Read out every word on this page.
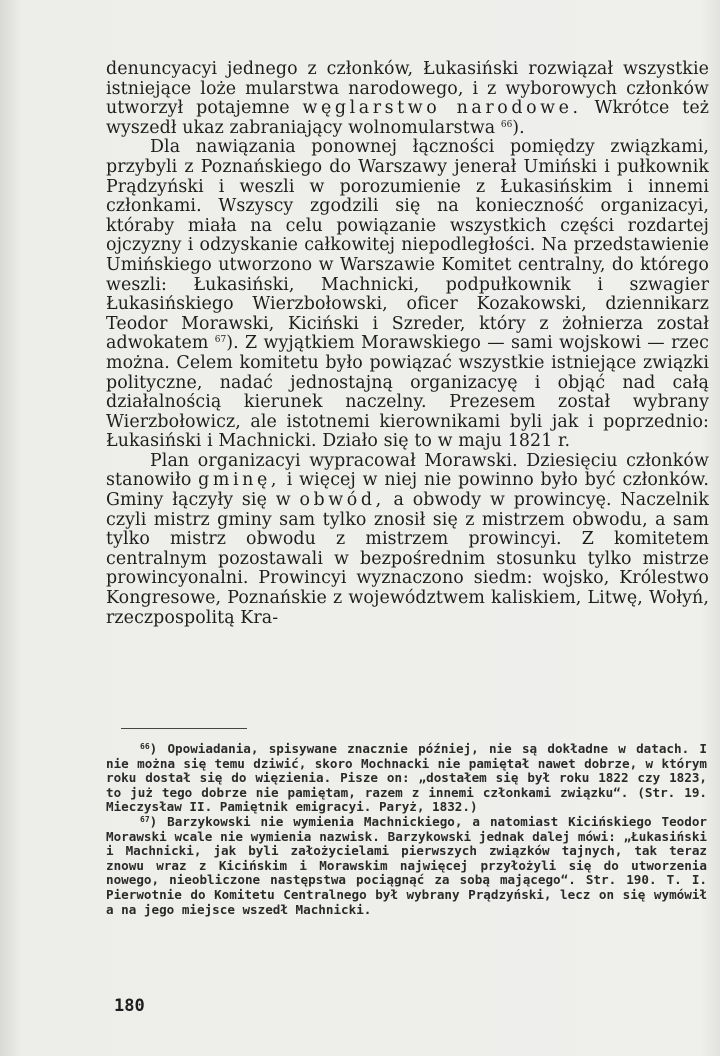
denuncyacyi jednego z członków, Łukasiński rozwiązał wszystkie istniejące loże mularstwa narodowego, i z wyborowych członków utworzył potajemne węglarstwo narodowe. Wkrótce też wyszedł ukaz zabraniający wolnomularstwa $^{66}$).

Dla nawiązania ponownej łączności pomiędzy związkami, przybyli z Poznańskiego do Warszawy jenerał Umiński i pułkownik Prądzyński i weszli w porozumienie z Łukasińskim i innemi członkami. Wszyscy zgodzili się na konieczność organizacyi, któraby miała na celu powiązanie wszystkich części rozdartej ojczyzny i odzyskanie całkowitej niepodległości. Na przedstawienie Umińskiego utworzono w Warszawie Komitet centralny, do którego weszli: Łukasiński, Machnicki, podpułkownik i szwagier Łukasińskiego Wierzbołowski, oficer Kozakowski, dziennikarz Teodor Morawski, Kiciński i Szreder, który z żołnierza został adwokatem $^{67}$). Z wyjątkiem Morawskiego — sami wojskowi — rzec można. Celem komitetu było powiązać wszystkie istniejące związki polityczne, nadać jednostajną organizacyę i objąć nad całą działalnością kierunek naczelny. Prezesem został wybrany Wierzbołowicz, ale istotnemi kierownikami byli jak i poprzednio: Łukasiński i Machnicki. Działo się to w maju 1821 r.

Plan organizacyi wypracował Morawski. Dziesięciu członków stanowiło gminę, i więcej w niej nie powinno było być członków. Gminy łączyły się w obwód, a obwody w prowincyę. Naczelnik czyli mistrz gminy sam tylko znosił się z mistrzem obwodu, a sam tylko mistrz obwodu z mistrzem prowincyi. Z komitetem centralnym pozostawali w bezpośrednim stosunku tylko mistrze prowincyonalni. Prowincyi wyznaczono siedm: wojsko, Królestwo Kongresowe, Poznańskie z województwem kaliskiem, Litwę, Wołyń, rzeczpospolitą Kra-

$^{66}$) Opowiadania, spisywane znacznie później, nie są dokładne w datach. I nie można się temu dziwić, skoro Mochnacki nie pamiętał nawet dobrze, w którym roku dostał się do więzienia. Pisze on: „dostałem się był roku 1822 czy 1823, to już tego dobrze nie pamiętam, razem z innemi członkami związku“. (Str. 19. Mieczysław II. Pamiętnik emigracyi. Paryż, 1832.)

$^{67}$) Barzykowski nie wymienia Machnickiego, a natomiast Kicińskiego Teodor Morawski wcale nie wymienia nazwisk. Barzykowski jednak dalej mówi: „Łukasiński i Machnicki, jak byli założycielami pierwszych związków tajnych, tak teraz znowu wraz z Kicińskim i Morawskim najwięcej przyłożyli się do utworzenia nowego, nieobliczone następstwa pociągnąć za sobą mającego“. Str. 190. T. I. Pierwotnie do Komitetu Centralnego był wybrany Prądzyński, lecz on się wymówił a na jego miejsce wszedł Machnicki.

180
